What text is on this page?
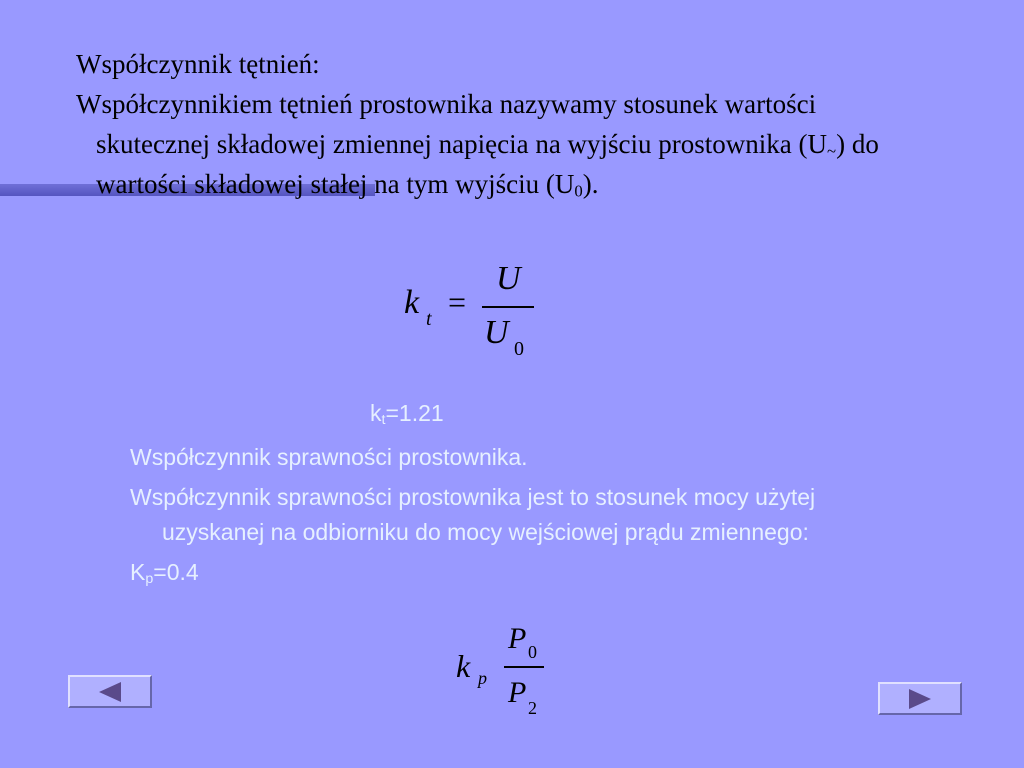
Współczynnik tętnień:

Współczynnikiem tętnień prostownika nazywamy stosunek wartości skutecznej składowej zmiennej napięcia na wyjściu prostownika $(U_\sim)$ do wartości składowej stałej na tym wyjściu $(U_0)$.

k t =
U
U 0
$k_t=1.21$

Współczynnik sprawności prostownika.

Współczynnik sprawności prostownika jest to stosunek mocy użytej uzyskanej na odbiorniku do mocy wejściowej prądu zmiennego:

$K_p=0.4$

k p
P 0
P 2
